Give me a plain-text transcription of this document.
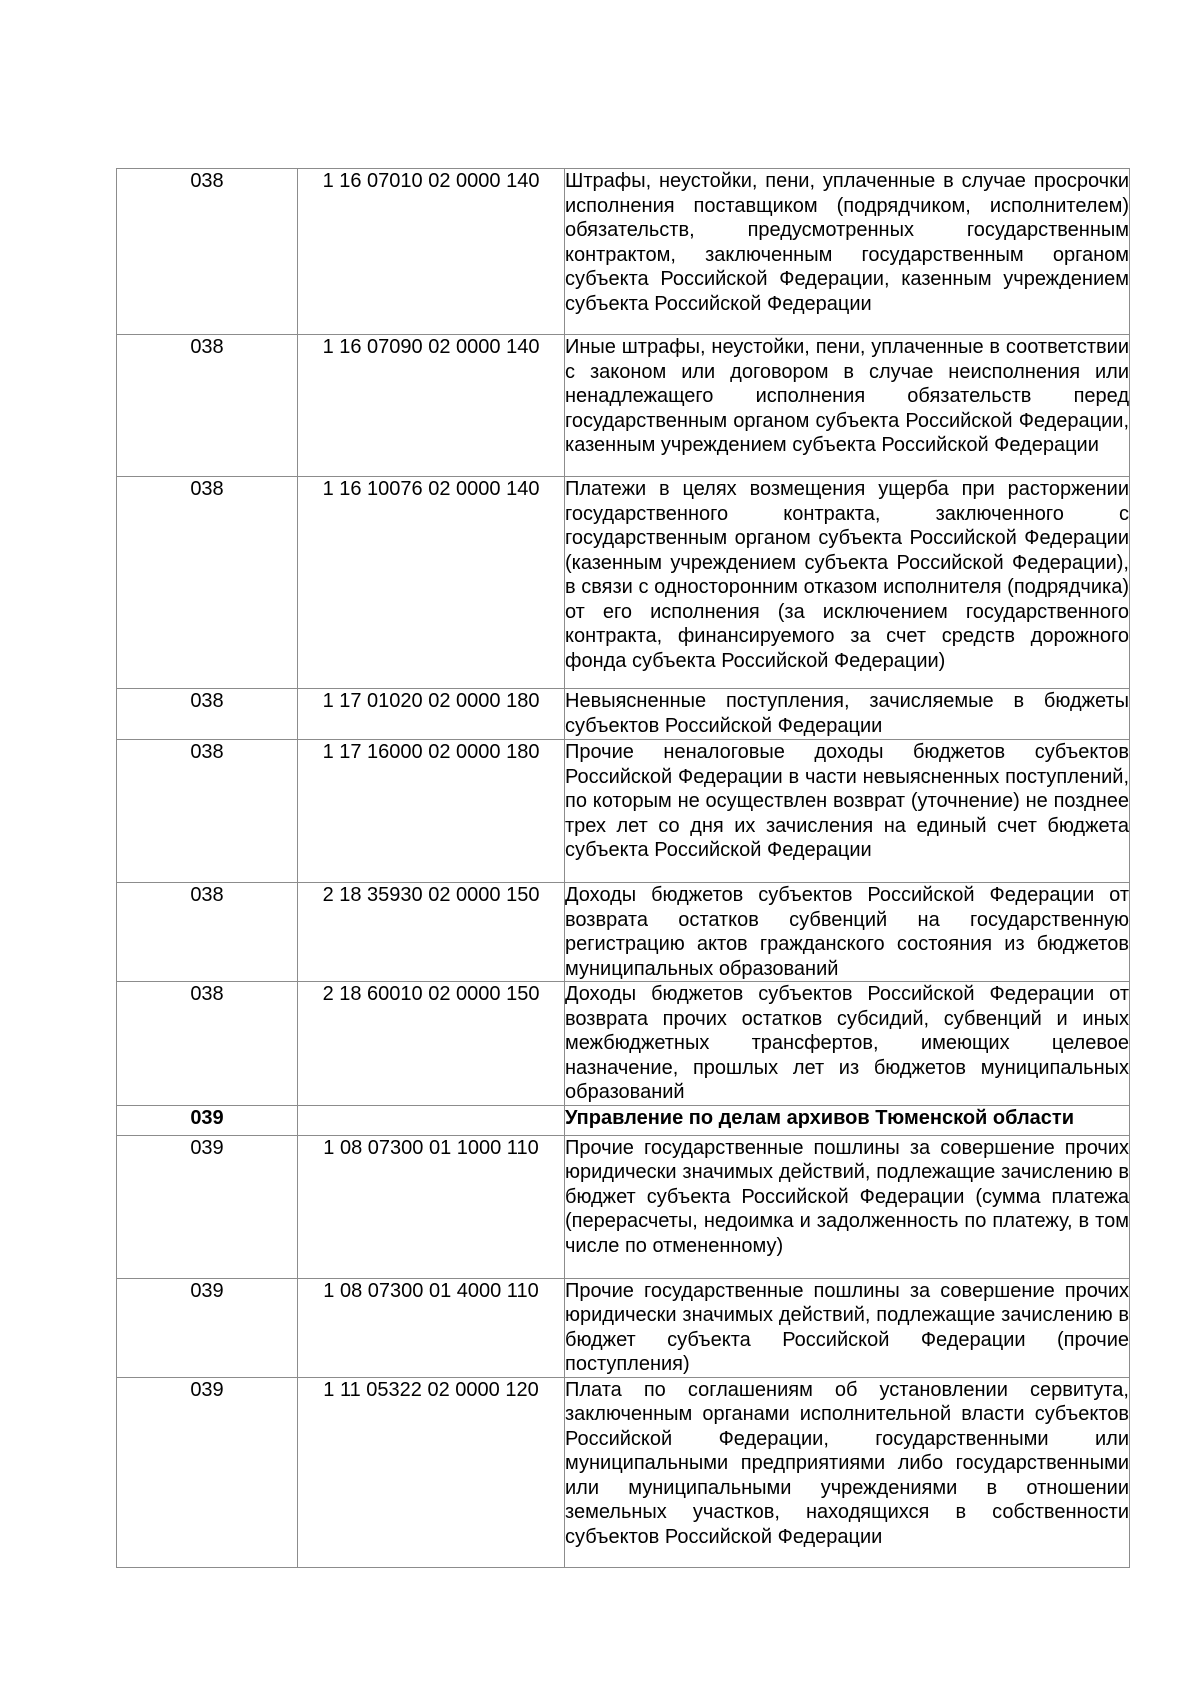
038	1 16 07010 02 0000 140	Штрафы, неустойки, пени, уплаченные в случае просрочки исполнения поставщиком (подрядчиком, исполнителем) обязательств, предусмотренных государственным контрактом, заключенным государственным органом субъекта Российской Федерации, казенным учреждением субъекта Российской Федерации
038	1 16 07090 02 0000 140	Иные штрафы, неустойки, пени, уплаченные в соответствии с законом или договором в случае неисполнения или ненадлежащего исполнения обязательств перед государственным органом субъекта Российской Федерации, казенным учреждением субъекта Российской Федерации
038	1 16 10076 02 0000 140	Платежи в целях возмещения ущерба при расторжении государственного контракта, заключенного с государственным органом субъекта Российской Федерации (казенным учреждением субъекта Российской Федерации), в связи с односторонним отказом исполнителя (подрядчика) от его исполнения (за исключением государственного контракта, финансируемого за счет средств дорожного фонда субъекта Российской Федерации)
038	1 17 01020 02 0000 180	Невыясненные поступления, зачисляемые в бюджеты субъектов Российской Федерации
038	1 17 16000 02 0000 180	Прочие неналоговые доходы бюджетов субъектов Российской Федерации в части невыясненных поступлений, по которым не осуществлен возврат (уточнение) не позднее трех лет со дня их зачисления на единый счет бюджета субъекта Российской Федерации
038	2 18 35930 02 0000 150	Доходы бюджетов субъектов Российской Федерации от возврата остатков субвенций на государственную регистрацию актов гражданского состояния из бюджетов муниципальных образований
038	2 18 60010 02 0000 150	Доходы бюджетов субъектов Российской Федерации от возврата прочих остатков субсидий, субвенций и иных межбюджетных трансфертов, имеющих целевое назначение, прошлых лет из бюджетов муниципальных образований
039		Управление по делам архивов Тюменской области
039	1 08 07300 01 1000 110	Прочие государственные пошлины за совершение прочих юридически значимых действий, подлежащие зачислению в бюджет субъекта Российской Федерации (сумма платежа (перерасчеты, недоимка и задолженность по платежу, в том числе по отмененному)
039	1 08 07300 01 4000 110	Прочие государственные пошлины за совершение прочих юридически значимых действий, подлежащие зачислению в бюджет субъекта Российской Федерации (прочие поступления)
039	1 11 05322 02 0000 120	Плата по соглашениям об установлении сервитута, заключенным органами исполнительной власти субъектов Российской Федерации, государственными или муниципальными предприятиями либо государственными или муниципальными учреждениями в отношении земельных участков, находящихся в собственности субъектов Российской Федерации
